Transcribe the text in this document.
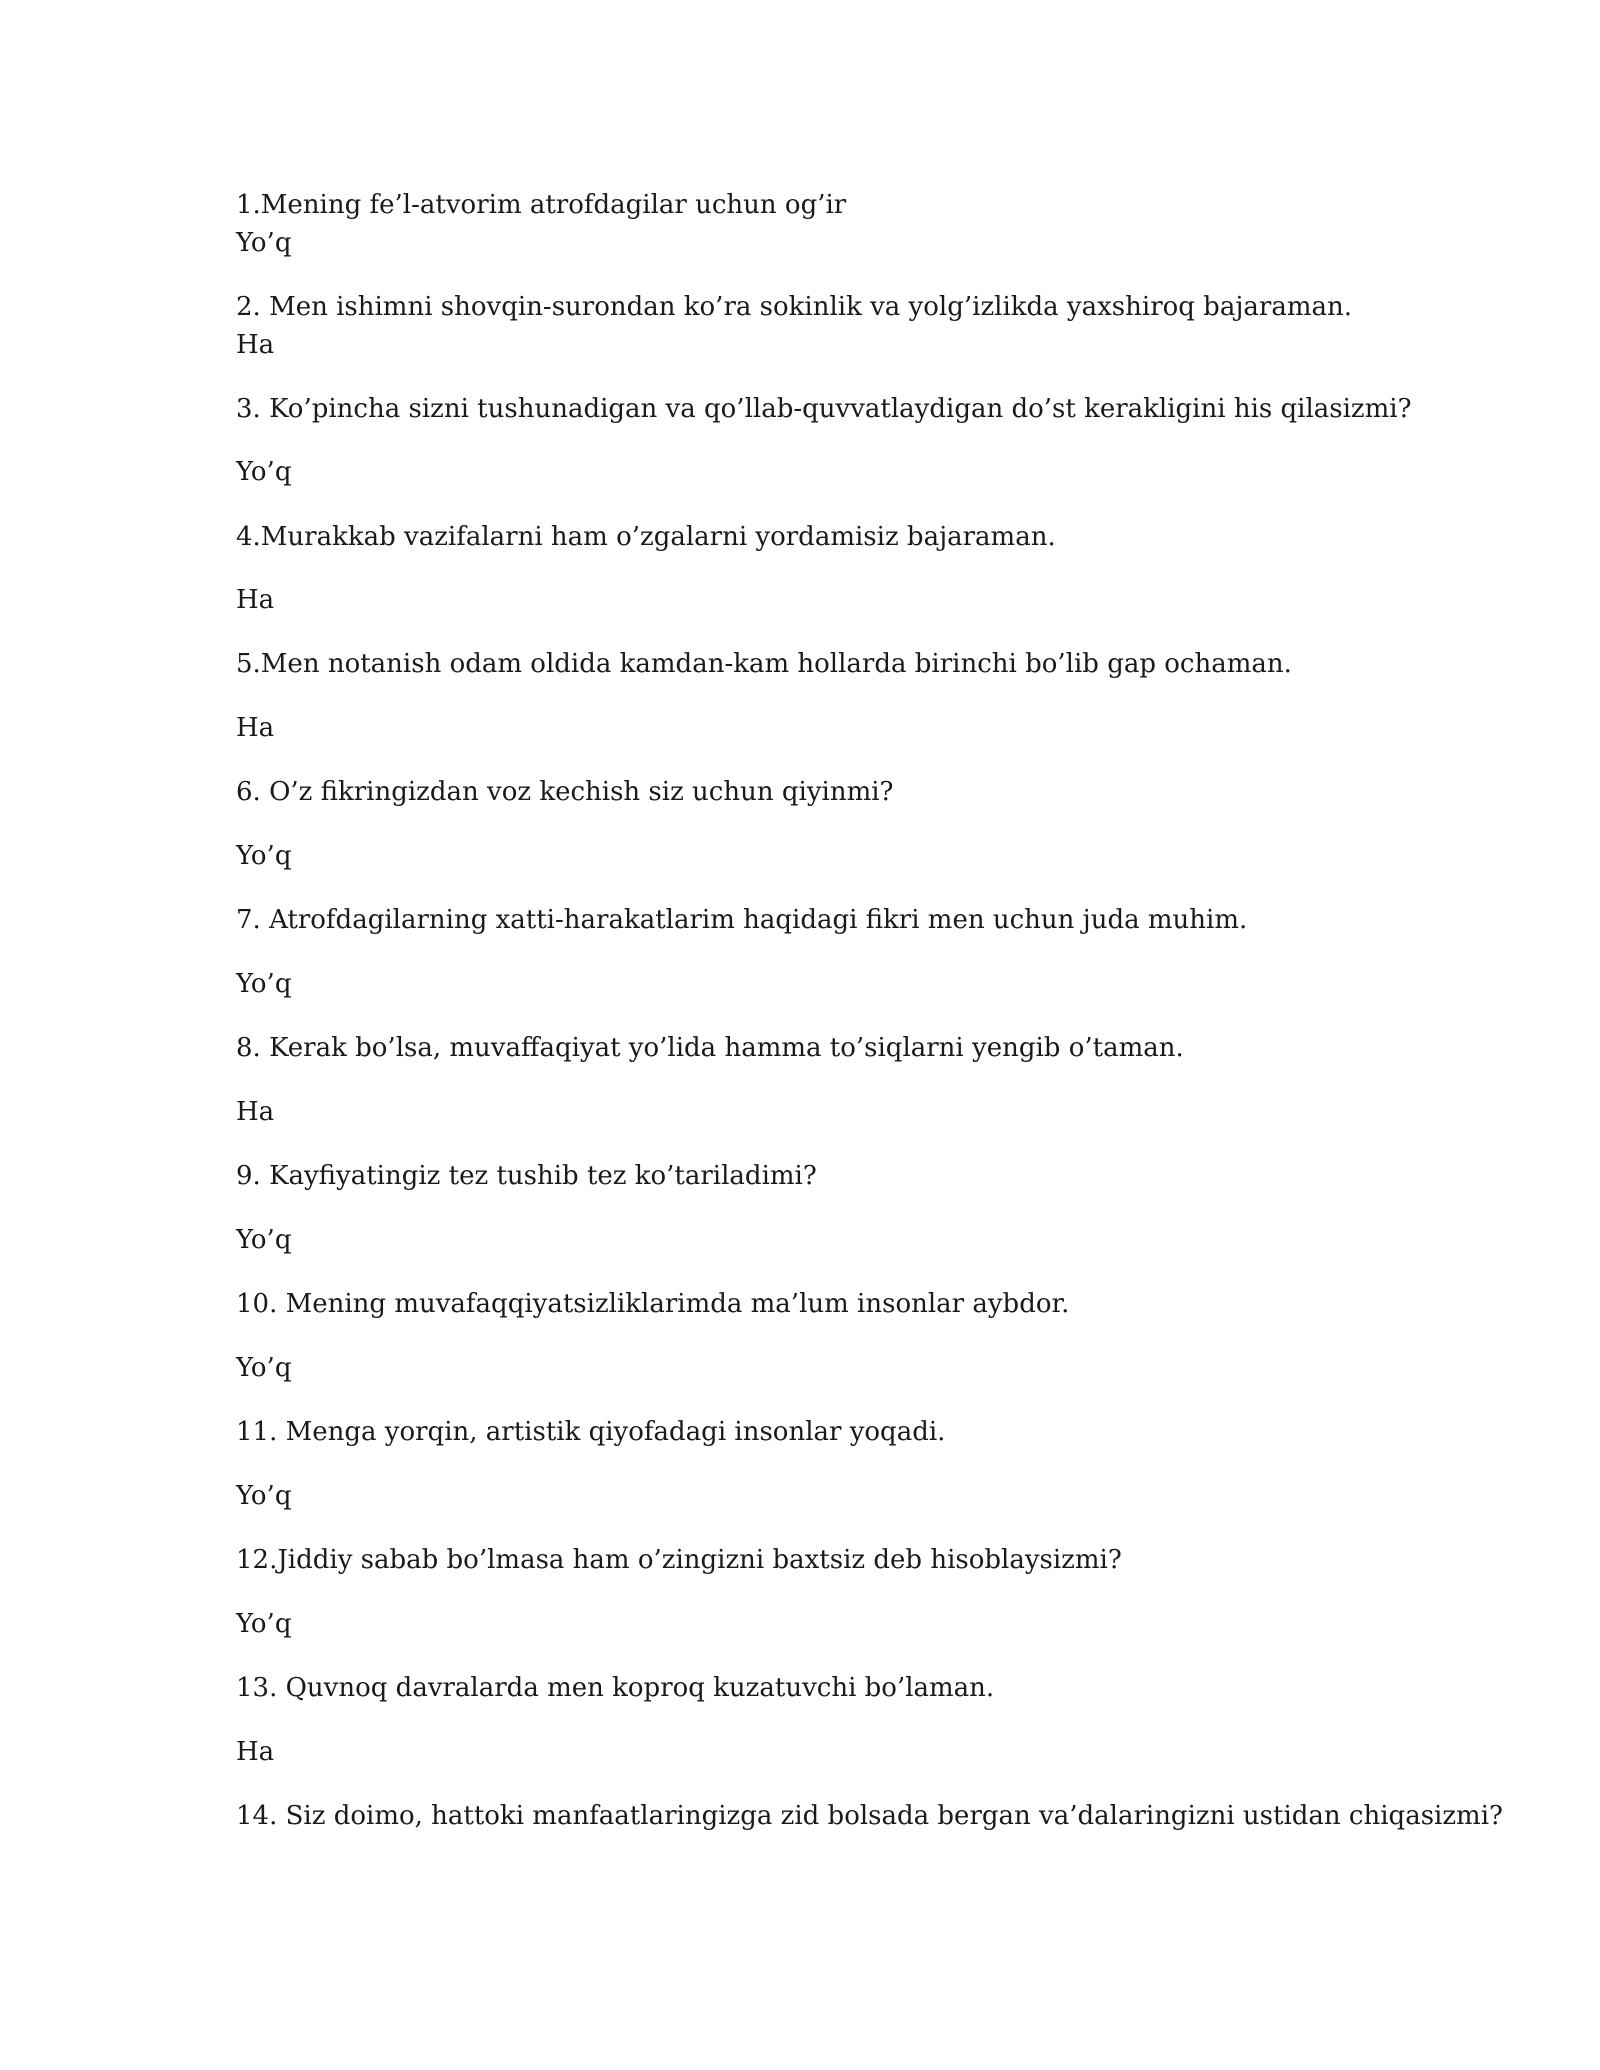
1.Mening fe’l-atvorim atrofdagilar uchun og’ir
Yo’q
2. Men ishimni shovqin-surondan ko’ra sokinlik va yolg’izlikda yaxshiroq bajaraman.
Ha
3. Ko’pincha sizni tushunadigan va qo’llab-quvvatlaydigan do’st kerakligini his qilasizmi?
Yo’q
4.Murakkab vazifalarni ham o’zgalarni yordamisiz bajaraman.
Ha
5.Men notanish odam oldida kamdan-kam hollarda birinchi bo’lib gap ochaman.
Ha
6. O’z fikringizdan voz kechish siz uchun qiyinmi?
Yo’q
7. Atrofdagilarning xatti-harakatlarim haqidagi fikri men uchun juda muhim.
Yo’q
8. Kerak bo’lsa, muvaffaqiyat yo’lida hamma to’siqlarni yengib o’taman.
Ha
9. Kayfiyatingiz tez tushib tez ko’tariladimi?
Yo’q
10. Mening muvafaqqiyatsizliklarimda ma’lum insonlar aybdor.
Yo’q
11. Menga yorqin, artistik qiyofadagi insonlar yoqadi.
Yo’q
12.Jiddiy sabab bo’lmasa ham o’zingizni baxtsiz deb hisoblaysizmi?
Yo’q
13. Quvnoq davralarda men koproq kuzatuvchi bo’laman.
Ha
14. Siz doimo, hattoki manfaatlaringizga zid bolsada bergan va’dalaringizni ustidan chiqasizmi?
